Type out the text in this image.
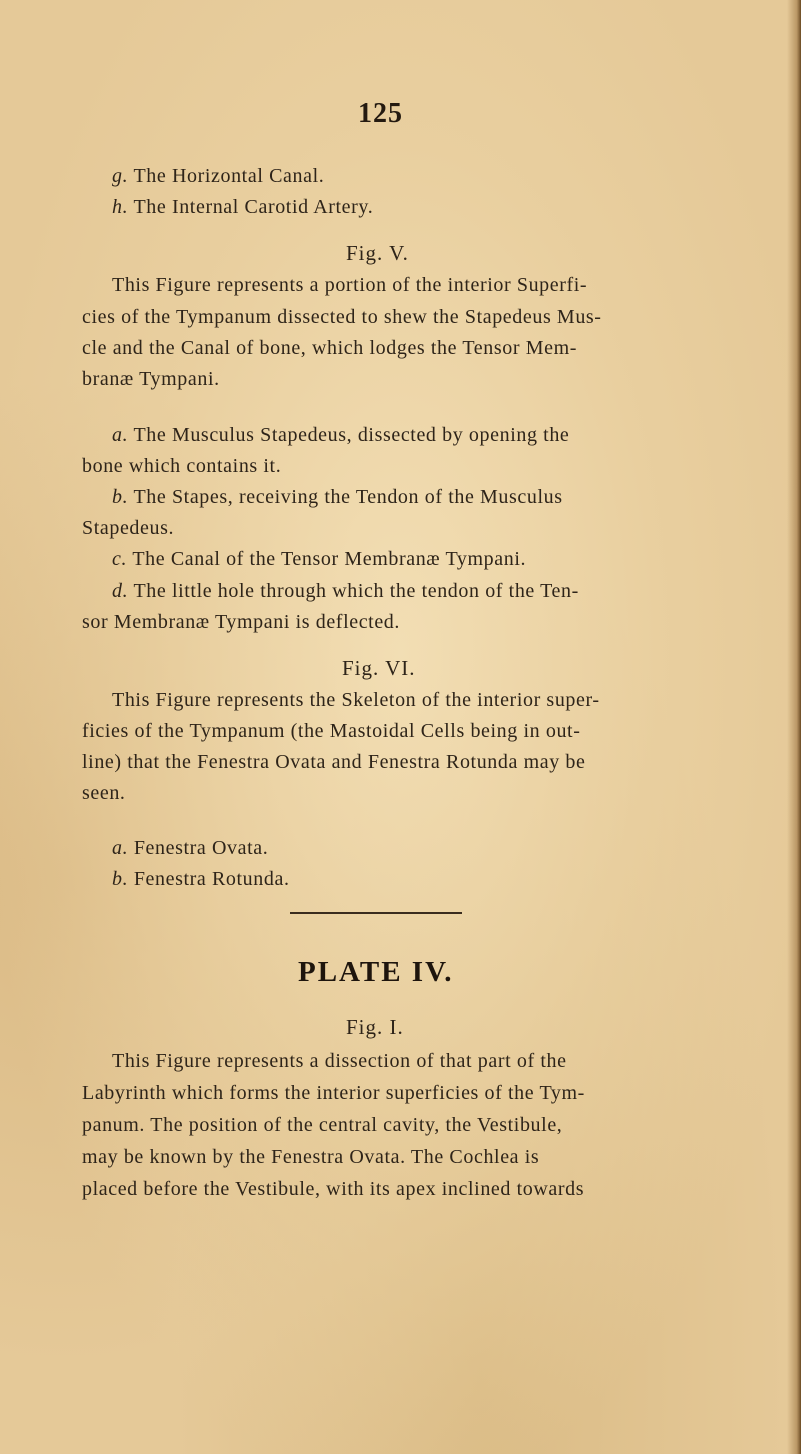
125
g. The Horizontal Canal.
h. The Internal Carotid Artery.
Fig. V.
This Figure represents a portion of the interior Superfi-
cies of the Tympanum dissected to shew the Stapedeus Mus-
cle and the Canal of bone, which lodges the Tensor Mem-
branæ Tympani.
a. The Musculus Stapedeus, dissected by opening the
bone which contains it.
b. The Stapes, receiving the Tendon of the Musculus
Stapedeus.
c. The Canal of the Tensor Membranæ Tympani.
d. The little hole through which the tendon of the Ten-
sor Membranæ Tympani is deflected.
Fig. VI.
This Figure represents the Skeleton of the interior super-
ficies of the Tympanum (the Mastoidal Cells being in out-
line) that the Fenestra Ovata and Fenestra Rotunda may be
seen.
a. Fenestra Ovata.
b. Fenestra Rotunda.
PLATE IV.
Fig. I.
This Figure represents a dissection of that part of the
Labyrinth which forms the interior superficies of the Tym-
panum. The position of the central cavity, the Vestibule,
may be known by the Fenestra Ovata. The Cochlea is
placed before the Vestibule, with its apex inclined towards
